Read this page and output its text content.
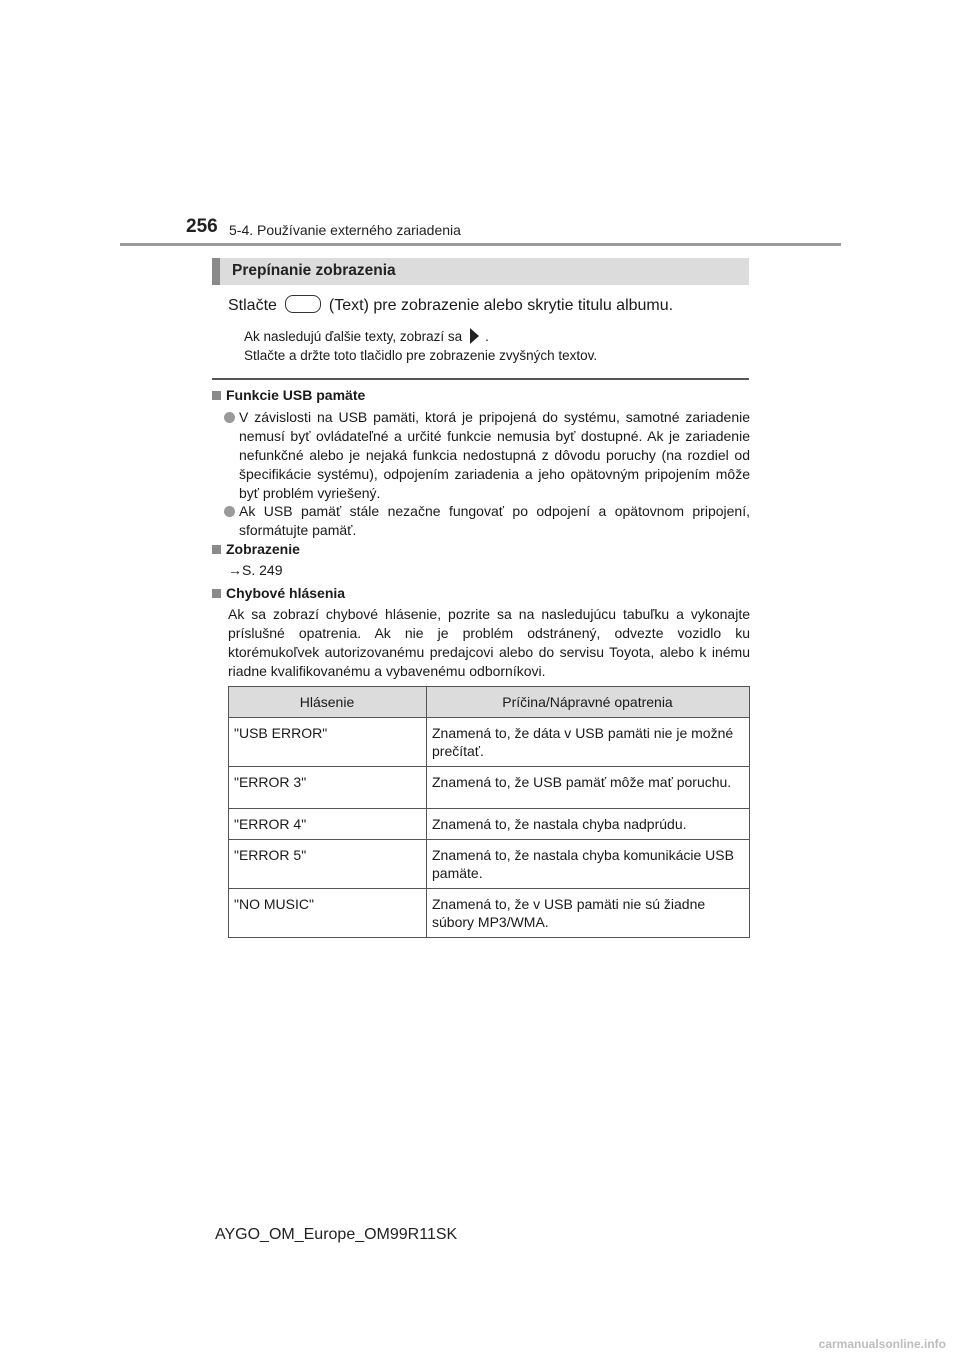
256 5-4. Používanie externého zariadenia
Prepínanie zobrazenia
Stlačte	(Text) pre zobrazenie alebo skrytie titulu albumu.
Ak nasledujú ďalšie texty, zobrazí sa .
Stlačte a držte toto tlačidlo pre zobrazenie zvyšných textov.
Funkcie USB pamäte
V závislosti na USB pamäti, ktorá je pripojená do systému, samotné zariadenie nemusí byť ovládateľné a určité funkcie nemusia byť dostupné. Ak je zariadenie nefunkčné alebo je nejaká funkcia nedostupná z dôvodu poruchy (na rozdiel od špecifikácie systému), odpojením zariadenia a jeho opätovným pripojením môže byť problém vyriešený.
Ak USB pamäť stále nezačne fungovať po odpojení a opätovnom pripojení, sformátujte pamäť.
Zobrazenie
→S. 249
Chybové hlásenia
Ak sa zobrazí chybové hlásenie, pozrite sa na nasledujúcu tabuľku a vykonajte príslušné opatrenia. Ak nie je problém odstránený, odvezte vozidlo ku ktorémukoľvek autorizovanému predajcovi alebo do servisu Toyota, alebo k inému riadne kvalifikovanému a vybavenému odborníkovi.
Hlásenie	Príčina/Nápravné opatrenia
"USB ERROR"	Znamená to, že dáta v USB pamäti nie je možné prečítať.
"ERROR 3"	Znamená to, že USB pamäť môže mať poruchu.
"ERROR 4"	Znamená to, že nastala chyba nadprúdu.
"ERROR 5"	Znamená to, že nastala chyba komunikácie USB pamäte.
"NO MUSIC"	Znamená to, že v USB pamäti nie sú žiadne súbory MP3/WMA.
AYGO_OM_Europe_OM99R11SK
carmanualsonline.info
